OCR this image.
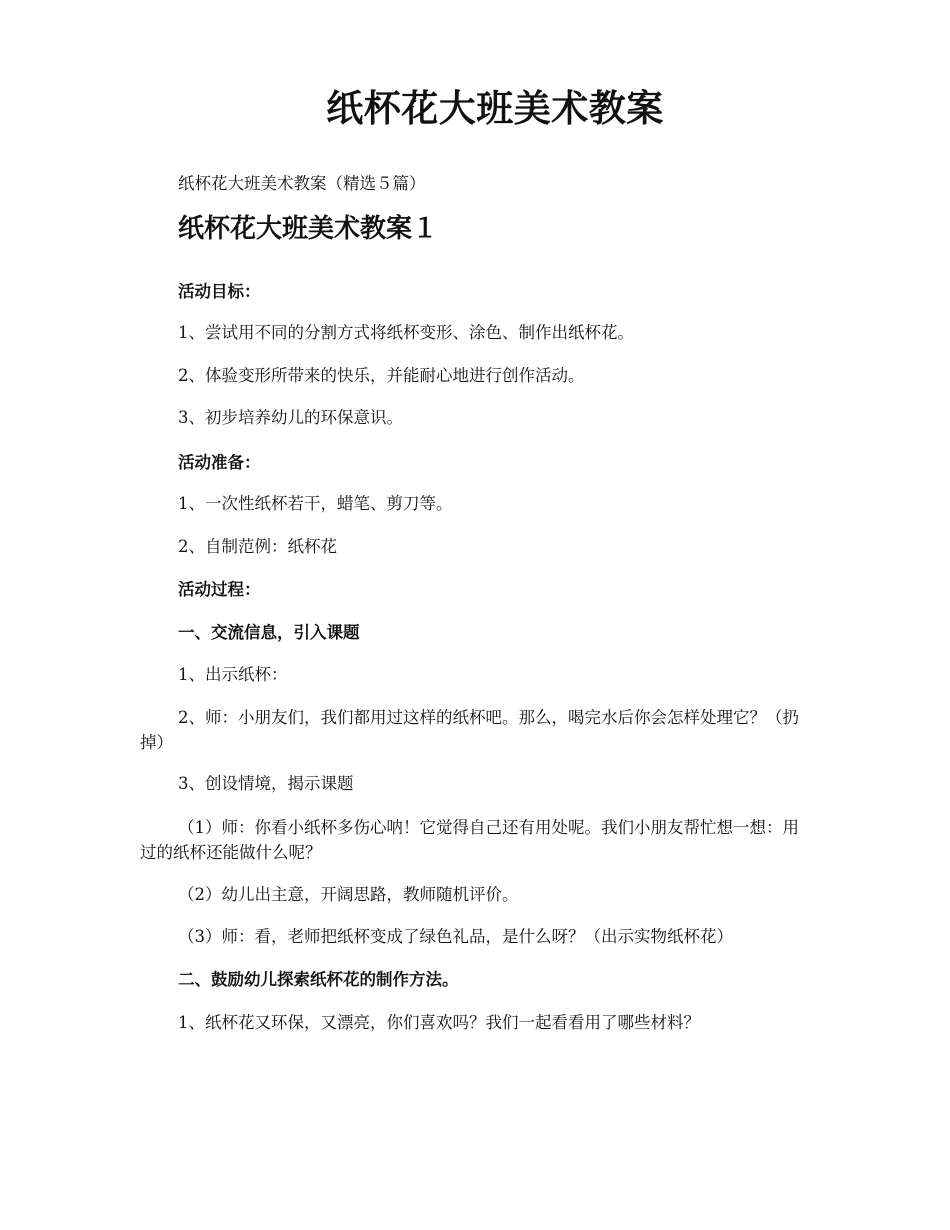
纸杯花大班美术教案

纸杯花大班美术教案（精选５篇）

纸杯花大班美术教案１

活动目标：

1、尝试用不同的分割方式将纸杯变形、涂色、制作出纸杯花。

2、体验变形所带来的快乐，并能耐心地进行创作活动。

3、初步培养幼儿的环保意识。

活动准备：

1、一次性纸杯若干，蜡笔、剪刀等。

2、自制范例：纸杯花

活动过程：

一、交流信息，引入课题

1、出示纸杯：

2、师：小朋友们，我们都用过这样的纸杯吧。那么，喝完水后你会怎样处理它？（扔掉）

3、创设情境，揭示课题

（1）师：你看小纸杯多伤心呐！它觉得自己还有用处呢。我们小朋友帮忙想一想：用过的纸杯还能做什么呢？

（2）幼儿出主意，开阔思路，教师随机评价。

（3）师：看，老师把纸杯变成了绿色礼品，是什么呀？（出示实物纸杯花）

二、鼓励幼儿探索纸杯花的制作方法。

1、纸杯花又环保，又漂亮，你们喜欢吗？我们一起看看用了哪些材料？
